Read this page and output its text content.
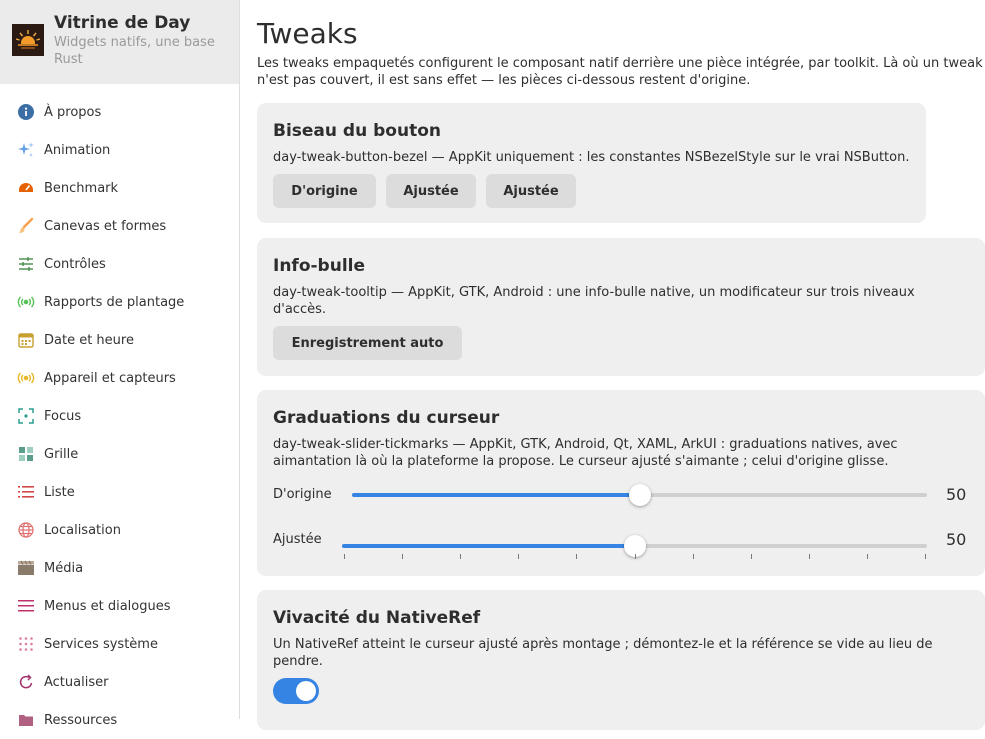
Vitrine de Day
Widgets natifs, une base Rust
À propos
Animation
Benchmark
Canevas et formes
Contrôles
Rapports de plantage
Date et heure
Appareil et capteurs
Focus
Grille
Liste
Localisation
Média
Menus et dialogues
Services système
Actualiser
Ressources
Tweaks
Les tweaks empaquetés configurent le composant natif derrière une pièce intégrée, par toolkit. Là où un tweak n'est pas couvert, il est sans effet — les pièces ci-dessous restent d'origine.
Biseau du bouton
day-tweak-button-bezel — AppKit uniquement : les constantes NSBezelStyle sur le vrai NSButton.
D'origine	Ajustée	Ajustée
Info-bulle
day-tweak-tooltip — AppKit, GTK, Android : une info-bulle native, un modificateur sur trois niveaux d'accès.
Enregistrement auto
Graduations du curseur
day-tweak-slider-tickmarks — AppKit, GTK, Android, Qt, XAML, ArkUI : graduations natives, avec aimantation là où la plateforme la propose. Le curseur ajusté s'aimante ; celui d'origine glisse.
D'origine	50
Ajustée	50
Vivacité du NativeRef
Un NativeRef atteint le curseur ajusté après montage ; démontez-le et la référence se vide au lieu de pendre.
